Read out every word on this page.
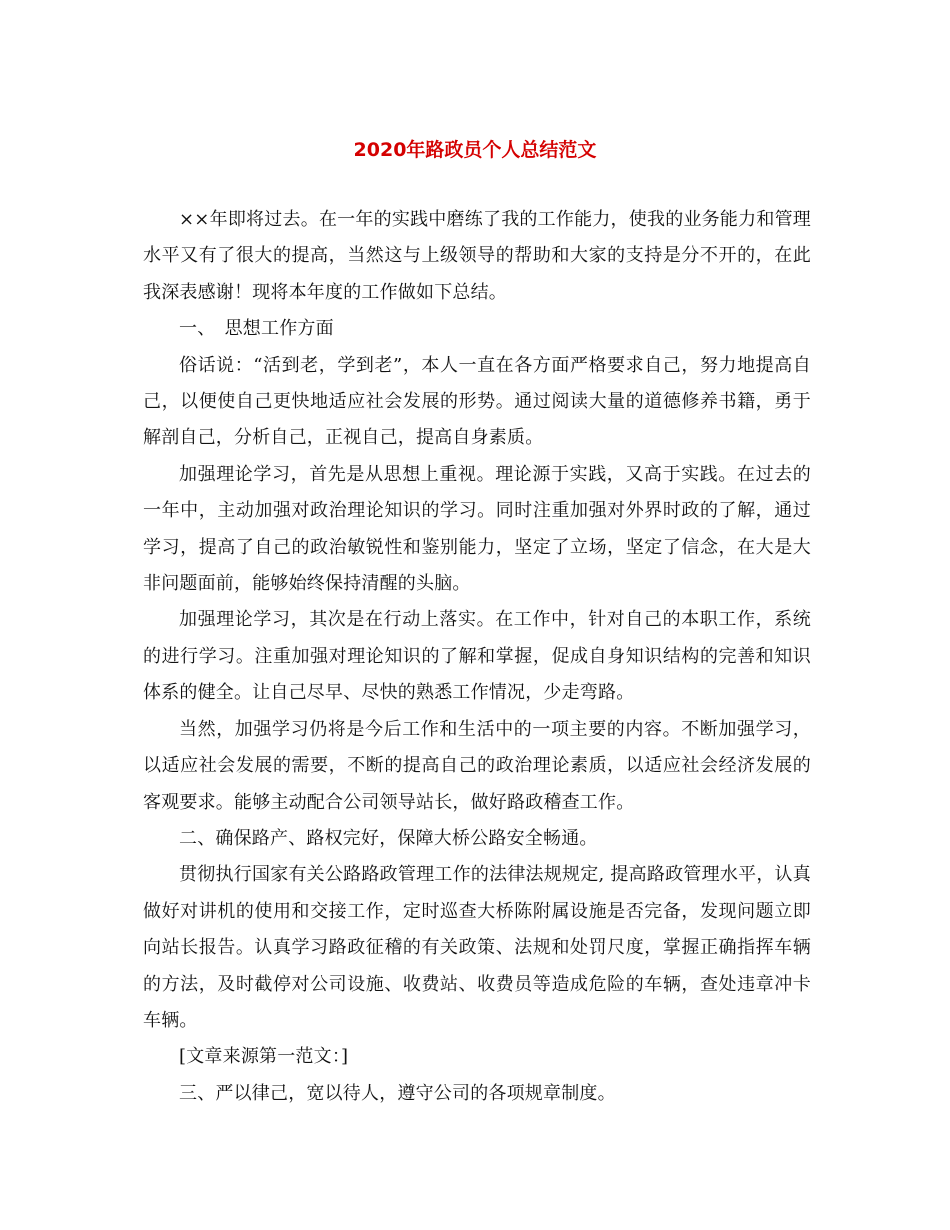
2020年路政员个人总结范文

××年即将过去。在一年的实践中磨练了我的工作能力，使我的业务能力和管理水平又有了很大的提高，当然这与上级领导的帮助和大家的支持是分不开的，在此我深表感谢！现将本年度的工作做如下总结。

一、　思想工作方面

俗话说：“活到老，学到老”，本人一直在各方面严格要求自己，努力地提高自己，以便使自己更快地适应社会发展的形势。通过阅读大量的道德修养书籍，勇于解剖自己，分析自己，正视自己，提高自身素质。

加强理论学习，首先是从思想上重视。理论源于实践，又高于实践。在过去的一年中，主动加强对政治理论知识的学习。同时注重加强对外界时政的了解，通过学习，提高了自己的政治敏锐性和鉴别能力，坚定了立场，坚定了信念，在大是大非问题面前，能够始终保持清醒的头脑。

加强理论学习，其次是在行动上落实。在工作中，针对自己的本职工作，系统的进行学习。注重加强对理论知识的了解和掌握，促成自身知识结构的完善和知识体系的健全。让自己尽早、尽快的熟悉工作情况，少走弯路。

当然，加强学习仍将是今后工作和生活中的一项主要的内容。不断加强学习，以适应社会发展的需要，不断的提高自己的政治理论素质，以适应社会经济发展的客观要求。能够主动配合公司领导站长，做好路政稽查工作。

二、确保路产、路权完好，保障大桥公路安全畅通。

贯彻执行国家有关公路路政管理工作的法律法规规定, 提高路政管理水平，认真做好对讲机的使用和交接工作，定时巡查大桥陈附属设施是否完备，发现问题立即向站长报告。认真学习路政征稽的有关政策、法规和处罚尺度，掌握正确指挥车辆的方法，及时截停对公司设施、收费站、收费员等造成危险的车辆，查处违章冲卡车辆。

[文章来源第一范文：]

三、严以律己，宽以待人，遵守公司的各项规章制度。
